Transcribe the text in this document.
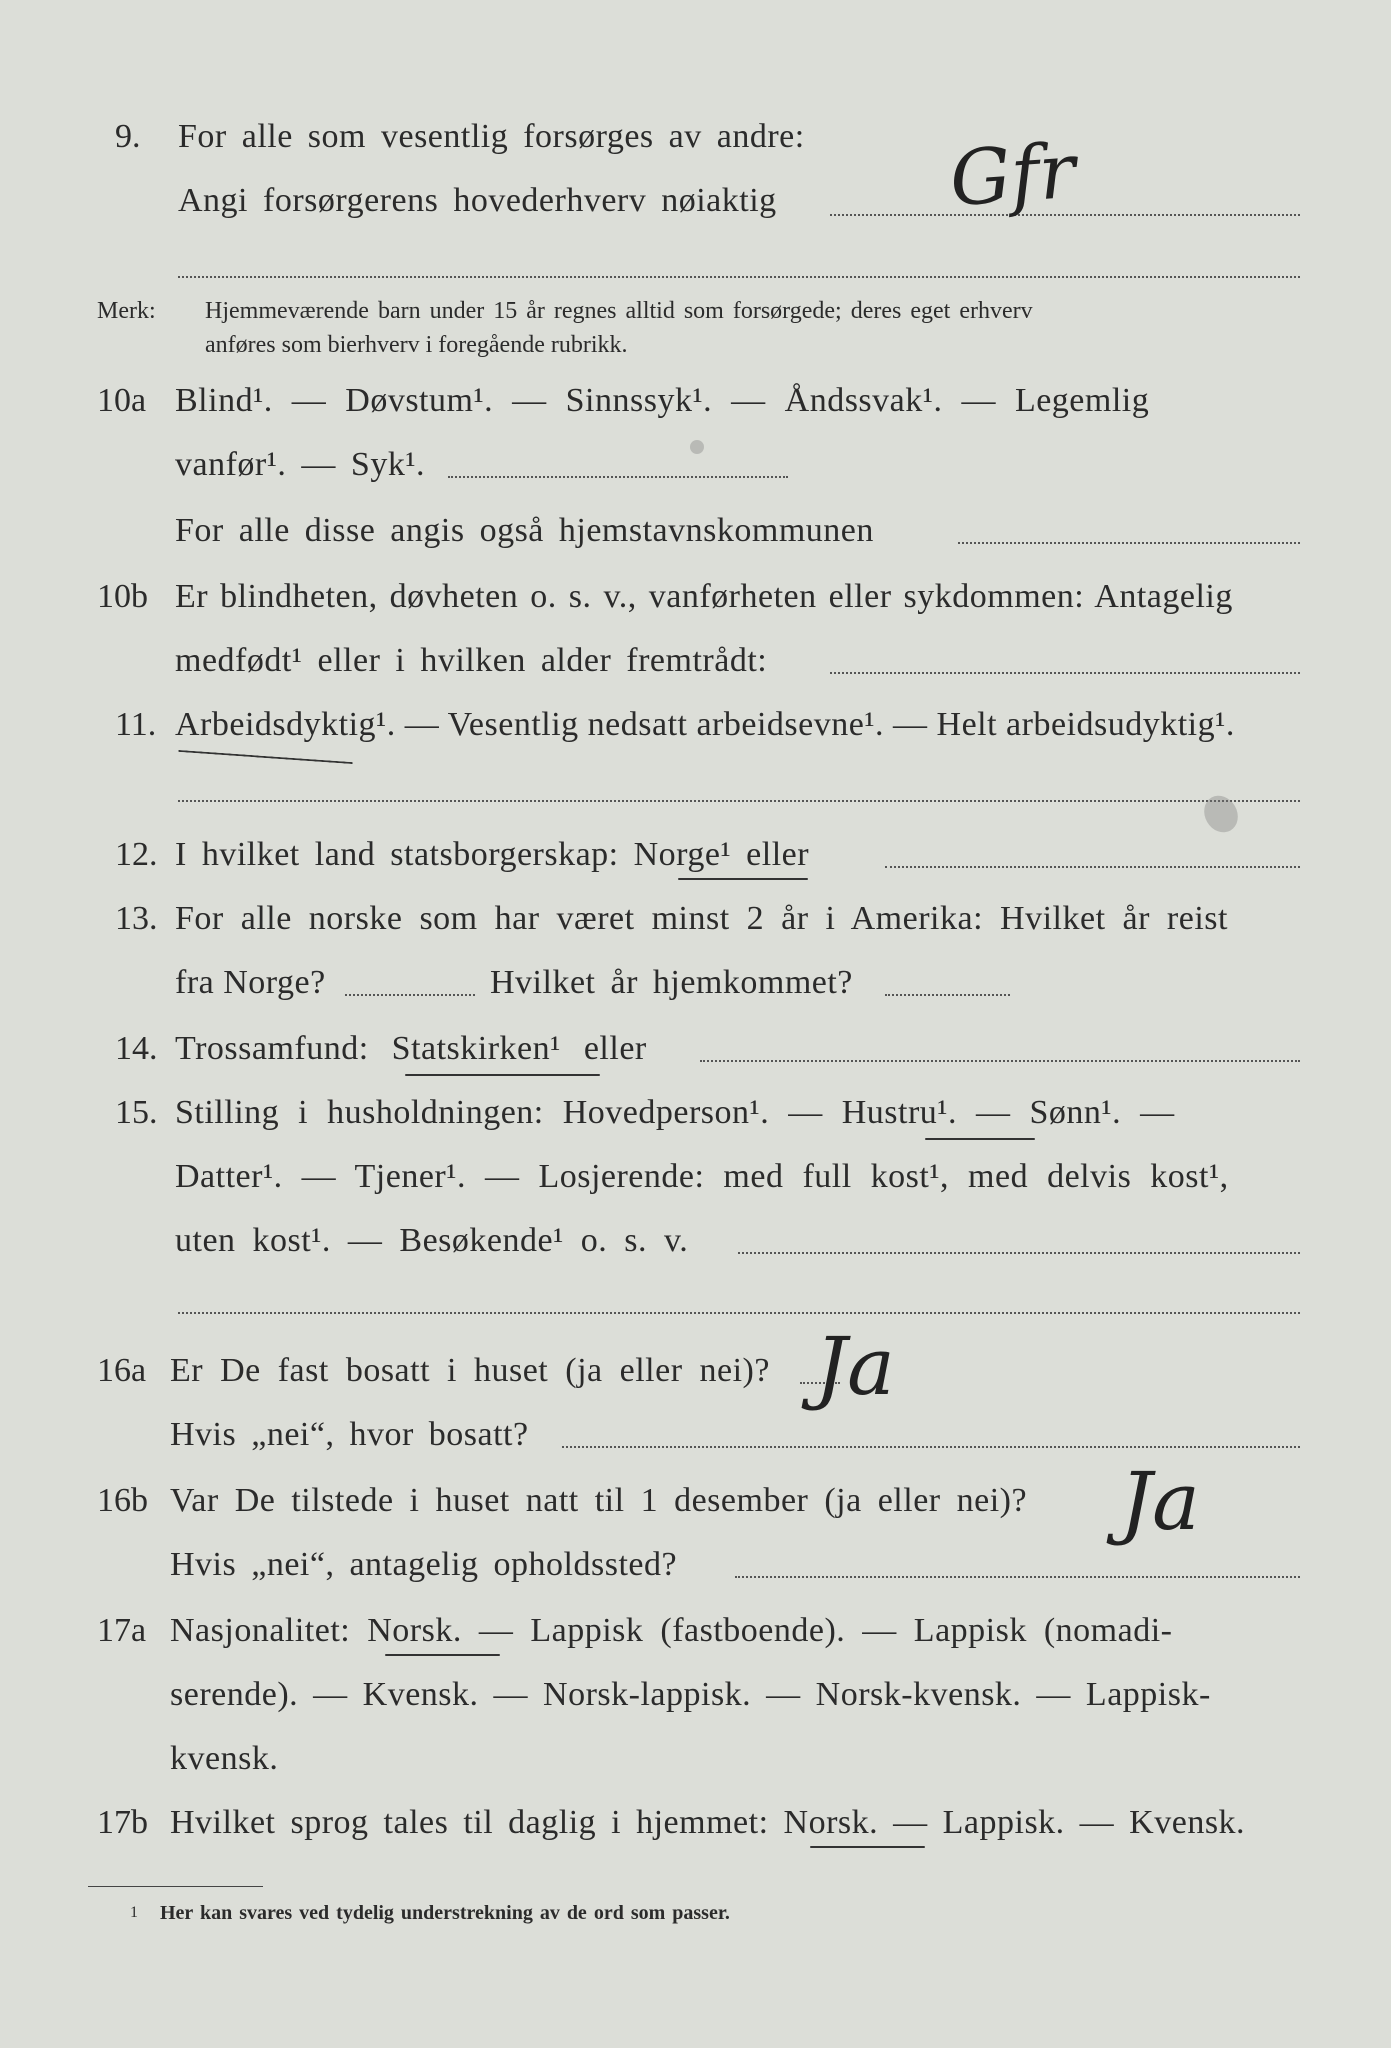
9. For alle som vesentlig forsørges av andre:
Angi forsørgerens hovederhverv nøiaktig Gfr
Merk: Hjemmeværende barn under 15 år regnes alltid som forsørgede; deres eget erhverv
anføres som bierhverv i foregående rubrikk.
10a Blind¹. — Døvstum¹. — Sinnssyk¹. — Åndssvak¹. — Legemlig
vanfør¹. — Syk¹.
For alle disse angis også hjemstavnskommunen
10b Er blindheten, døvheten o. s. v., vanførheten eller sykdommen: Antagelig
medfødt¹ eller i hvilken alder fremtrådt:
11. Arbeidsdyktig¹. — Vesentlig nedsatt arbeidsevne¹. — Helt arbeidsudyktig¹.
12. I hvilket land statsborgerskap: Norge¹ eller
13. For alle norske som har været minst 2 år i Amerika: Hvilket år reist
fra Norge?	Hvilket år hjemkommet?
14. Trossamfund: Statskirken¹ eller
15. Stilling i husholdningen: Hovedperson¹. — Hustru¹. — Sønn¹. —
Datter¹. — Tjener¹. — Losjerende: med full kost¹, med delvis kost¹,
uten kost¹. — Besøkende¹ o. s. v.
16a Er De fast bosatt i huset (ja eller nei)? Ja
Hvis „nei“, hvor bosatt?
16b Var De tilstede i huset natt til 1 desember (ja eller nei)? Ja
Hvis „nei“, antagelig opholdssted?
17a Nasjonalitet: Norsk. — Lappisk (fastboende). — Lappisk (nomadi-
serende). — Kvensk. — Norsk-lappisk. — Norsk-kvensk. — Lappisk-
kvensk.
17b Hvilket sprog tales til daglig i hjemmet: Norsk. — Lappisk. — Kvensk.
1 Her kan svares ved tydelig understrekning av de ord som passer.
